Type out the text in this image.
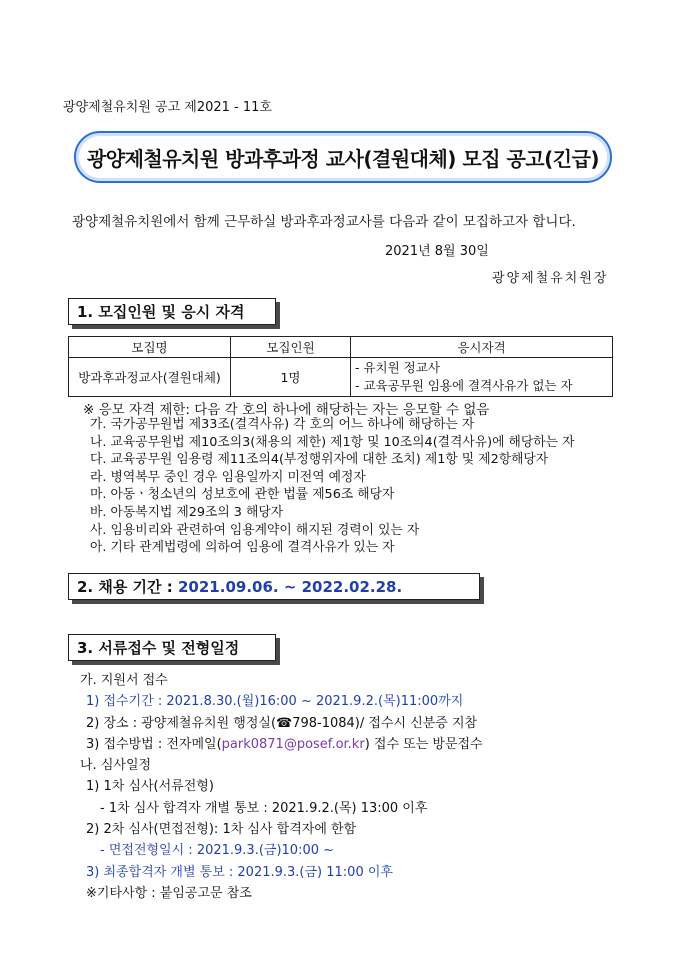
광양제철유치원 공고 제2021 - 11호
광양제철유치원 방과후과정 교사(결원대체) 모집 공고(긴급)
광양제철유치원에서 함께 근무하실 방과후과정교사를 다음과 같이 모집하고자 합니다.
2021년 8월 30일
광양제철유치원장
1. 모집인원 및 응시 자격
모집명	모집인원	응시자격
방과후과정교사(결원대체)	1명	- 유치원 정교사
- 교육공무원 임용에 결격사유가 없는 자
※ 응모 자격 제한: 다음 각 호의 하나에 해당하는 자는 응모할 수 없음
가. 국가공무원법 제33조(결격사유) 각 호의 어느 하나에 해당하는 자
나. 교육공무원법 제10조의3(채용의 제한) 제1항 및 10조의4(결격사유)에 해당하는 자
다. 교육공무원 임용령 제11조의4(부정행위자에 대한 조치) 제1항 및 제2항해당자
라. 병역복무 중인 경우 임용일까지 미전역 예정자
마. 아동ㆍ청소년의 성보호에 관한 법률 제56조 해당자
바. 아동복지법 제29조의 3 해당자
사. 임용비리와 관련하여 임용계약이 해지된 경력이 있는 자
아. 기타 관계법령에 의하여 임용에 결격사유가 있는 자
2. 채용 기간 : 2021.09.06. ~ 2022.02.28.
3. 서류접수 및 전형일정
가. 지원서 접수
1) 접수기간 : 2021.8.30.(월)16:00 ~ 2021.9.2.(목)11:00까지
2) 장소 : 광양제철유치원 행정실(☎798-1084)/ 접수시 신분증 지참
3) 접수방법 : 전자메일(park0871@posef.or.kr) 접수 또는 방문접수
나. 심사일정
1) 1차 심사(서류전형)
- 1차 심사 합격자 개별 통보 : 2021.9.2.(목) 13:00 이후
2) 2차 심사(면접전형): 1차 심사 합격자에 한함
- 면접전형일시 : 2021.9.3.(금)10:00 ~
3) 최종합격자 개별 통보 : 2021.9.3.(금) 11:00 이후
※기타사항 : 붙임공고문 참조
